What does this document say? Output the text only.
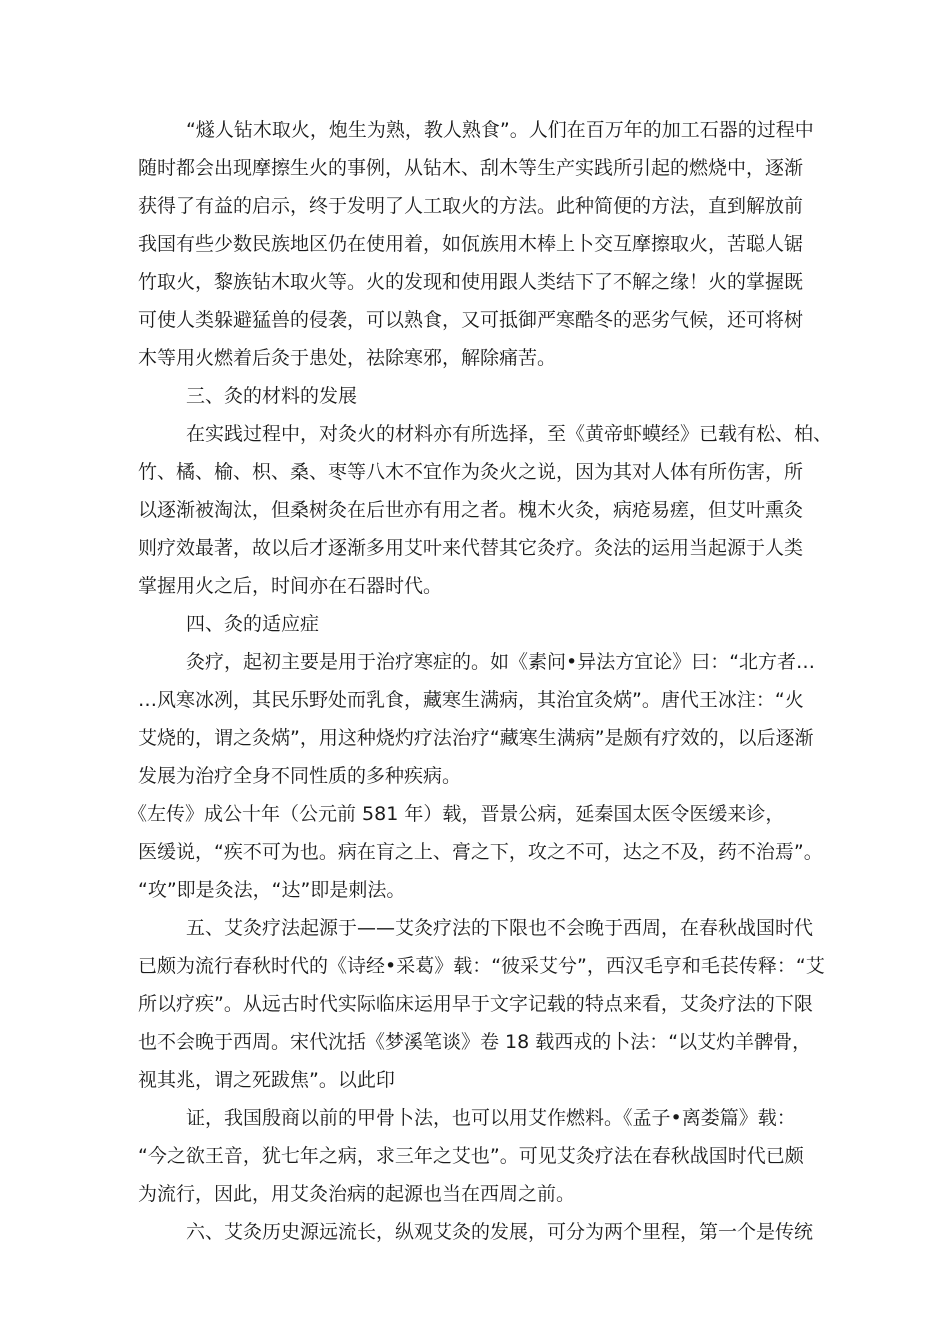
“燧人钻木取火，炮生为熟，教人熟食”。人们在百万年的加工石器的过程中
随时都会出现摩擦生火的事例，从钻木、刮木等生产实践所引起的燃烧中，逐渐
获得了有益的启示，终于发明了人工取火的方法。此种简便的方法，直到解放前
我国有些少数民族地区仍在使用着，如佤族用木棒上卜交互摩擦取火，苦聪人锯
竹取火，黎族钻木取火等。火的发现和使用跟人类结下了不解之缘！火的掌握既
可使人类躲避猛兽的侵袭，可以熟食，又可抵御严寒酷冬的恶劣气候，还可将树
木等用火燃着后灸于患处，祛除寒邪，解除痛苦。
三、灸的材料的发展
在实践过程中，对灸火的材料亦有所选择，至《黄帝虾蟆经》已载有松、柏、
竹、橘、榆、枳、桑、枣等八木不宜作为灸火之说，因为其对人体有所伤害，所
以逐渐被淘汰，但桑树灸在后世亦有用之者。槐木火灸，病疮易瘥，但艾叶熏灸
则疗效最著，故以后才逐渐多用艾叶来代替其它灸疗。灸法的运用当起源于人类
掌握用火之后，时间亦在石器时代。
四、灸的适应症
灸疗，起初主要是用于治疗寒症的。如《素问•异法方宜论》曰：“北方者…
…风寒冰冽，其民乐野处而乳食，藏寒生满病，其治宜灸焫”。唐代王冰注：“火
艾烧的，谓之灸焫”，用这种烧灼疗法治疗“藏寒生满病”是颇有疗效的，以后逐渐
发展为治疗全身不同性质的多种疾病。
《左传》成公十年（公元前 581 年）载，晋景公病，延秦国太医令医缓来诊，
医缓说，“疾不可为也。病在肓之上、膏之下，攻之不可，达之不及，药不治焉”。
“攻”即是灸法，“达”即是刺法。
五、艾灸疗法起源于——艾灸疗法的下限也不会晚于西周，在春秋战国时代
已颇为流行春秋时代的《诗经•采葛》载：“彼采艾兮”，西汉毛亨和毛苌传释：“艾
所以疗疾”。从远古时代实际临床运用早于文字记载的特点来看，艾灸疗法的下限
也不会晚于西周。宋代沈括《梦溪笔谈》卷 18 载西戎的卜法：“以艾灼羊髀骨，
视其兆，谓之死跋焦”。以此印
证，我国殷商以前的甲骨卜法，也可以用艾作燃料。《孟子•离娄篇》载：
“今之欲王音，犹七年之病，求三年之艾也”。可见艾灸疗法在春秋战国时代已颇
为流行，因此，用艾灸治病的起源也当在西周之前。
六、艾灸历史源远流长，纵观艾灸的发展，可分为两个里程，第一个是传统
